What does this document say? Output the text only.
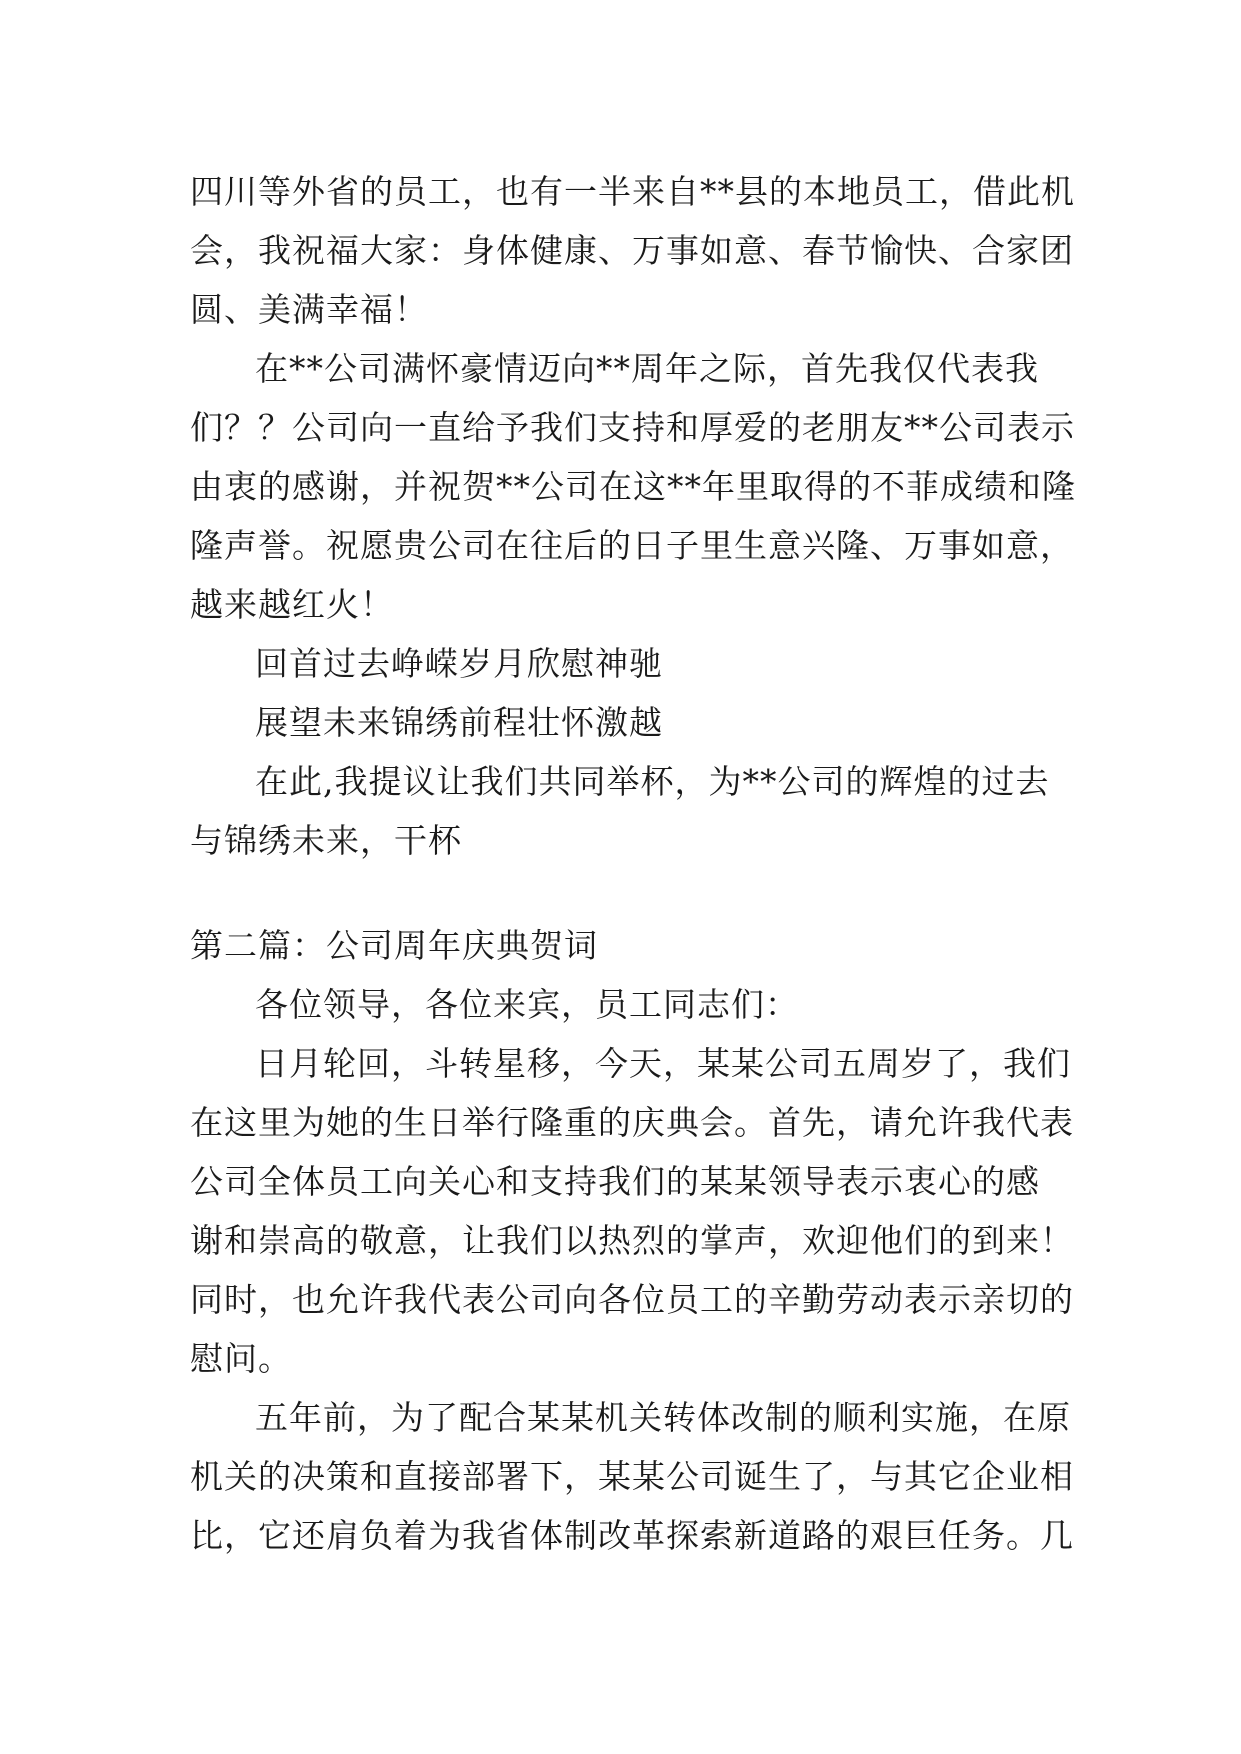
四川等外省的员工，也有一半来自**县的本地员工，借此机
会，我祝福大家：身体健康、万事如意、春节愉快、合家团
圆、美满幸福！
在**公司满怀豪情迈向**周年之际，首先我仅代表我
们？？公司向一直给予我们支持和厚爱的老朋友**公司表示
由衷的感谢，并祝贺**公司在这**年里取得的不菲成绩和隆
隆声誉。祝愿贵公司在往后的日子里生意兴隆、万事如意，
越来越红火！
回首过去峥嵘岁月欣慰神驰
展望未来锦绣前程壮怀激越
在此,我提议让我们共同举杯，为**公司的辉煌的过去
与锦绣未来，干杯
第二篇：公司周年庆典贺词
各位领导，各位来宾，员工同志们：
日月轮回，斗转星移，今天，某某公司五周岁了，我们
在这里为她的生日举行隆重的庆典会。首先，请允许我代表
公司全体员工向关心和支持我们的某某领导表示衷心的感
谢和崇高的敬意，让我们以热烈的掌声，欢迎他们的到来！
同时，也允许我代表公司向各位员工的辛勤劳动表示亲切的
慰问。
五年前，为了配合某某机关转体改制的顺利实施，在原
机关的决策和直接部署下，某某公司诞生了，与其它企业相
比，它还肩负着为我省体制改革探索新道路的艰巨任务。几
